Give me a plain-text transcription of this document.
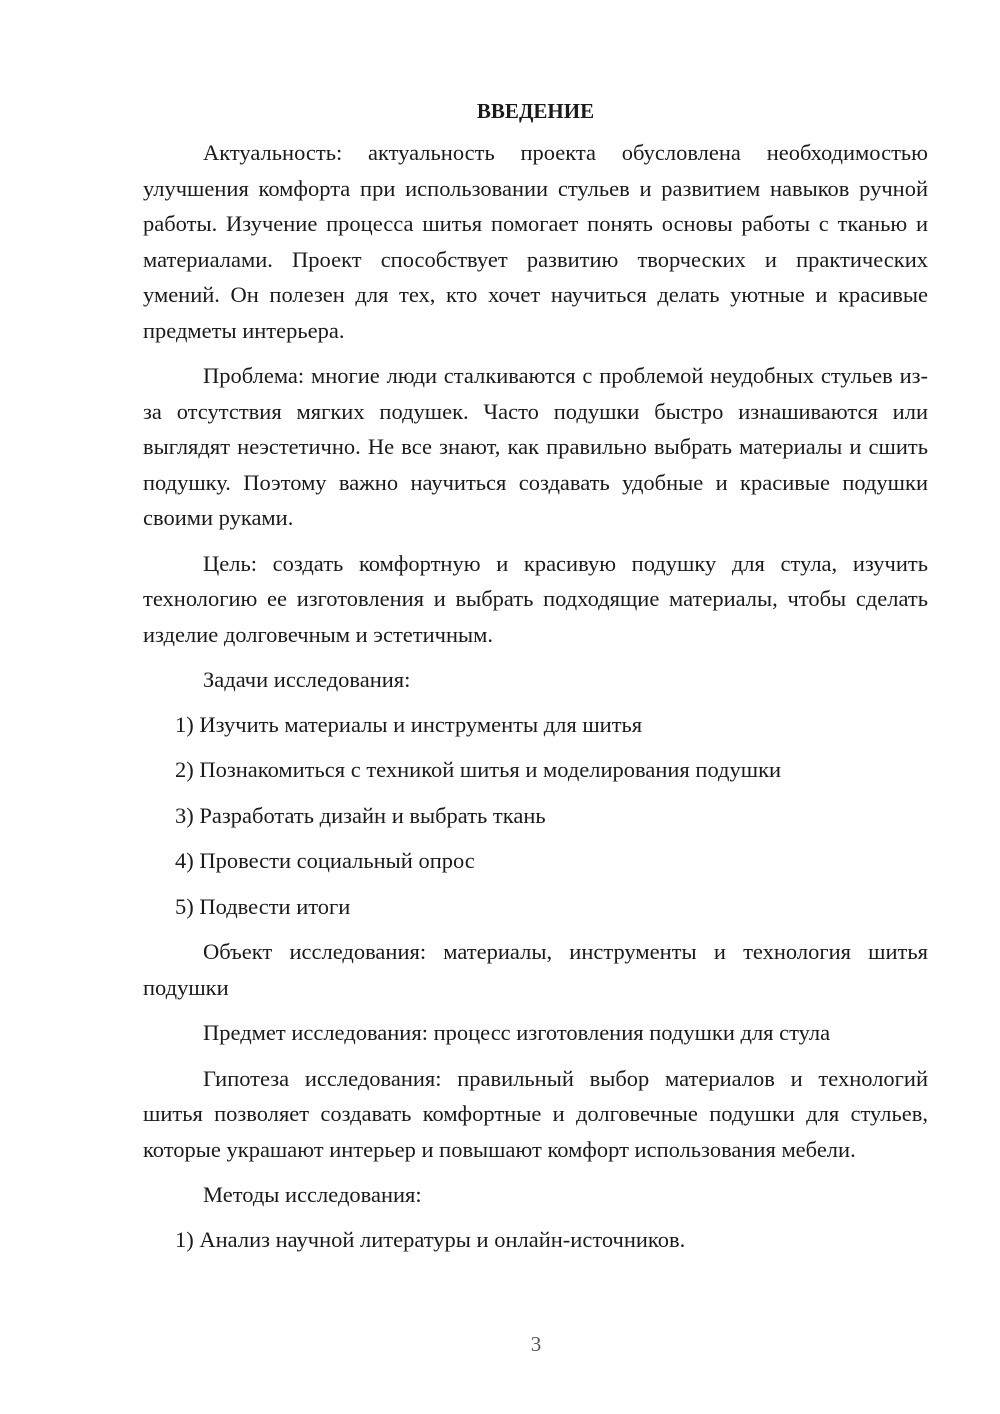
ВВЕДЕНИЕ

Актуальность: актуальность проекта обусловлена необходимостью улучшения комфорта при использовании стульев и развитием навыков ручной работы. Изучение процесса шитья помогает понять основы работы с тканью и материалами. Проект способствует развитию творческих и практических умений. Он полезен для тех, кто хочет научиться делать уютные и красивые предметы интерьера.

Проблема: многие люди сталкиваются с проблемой неудобных стульев из-за отсутствия мягких подушек. Часто подушки быстро изнашиваются или выглядят неэстетично. Не все знают, как правильно выбрать материалы и сшить подушку. Поэтому важно научиться создавать удобные и красивые подушки своими руками.

Цель: создать комфортную и красивую подушку для стула, изучить технологию ее изготовления и выбрать подходящие материалы, чтобы сделать изделие долговечным и эстетичным.

Задачи исследования:

1) Изучить материалы и инструменты для шитья
2) Познакомиться с техникой шитья и моделирования подушки
3) Разработать дизайн и выбрать ткань
4) Провести социальный опрос
5) Подвести итоги

Объект исследования: материалы, инструменты и технология шитья подушки

Предмет исследования: процесс изготовления подушки для стула

Гипотеза исследования: правильный выбор материалов и технологий шитья позволяет создавать комфортные и долговечные подушки для стульев, которые украшают интерьер и повышают комфорт использования мебели.

Методы исследования:

1) Анализ научной литературы и онлайн-источников.
3
